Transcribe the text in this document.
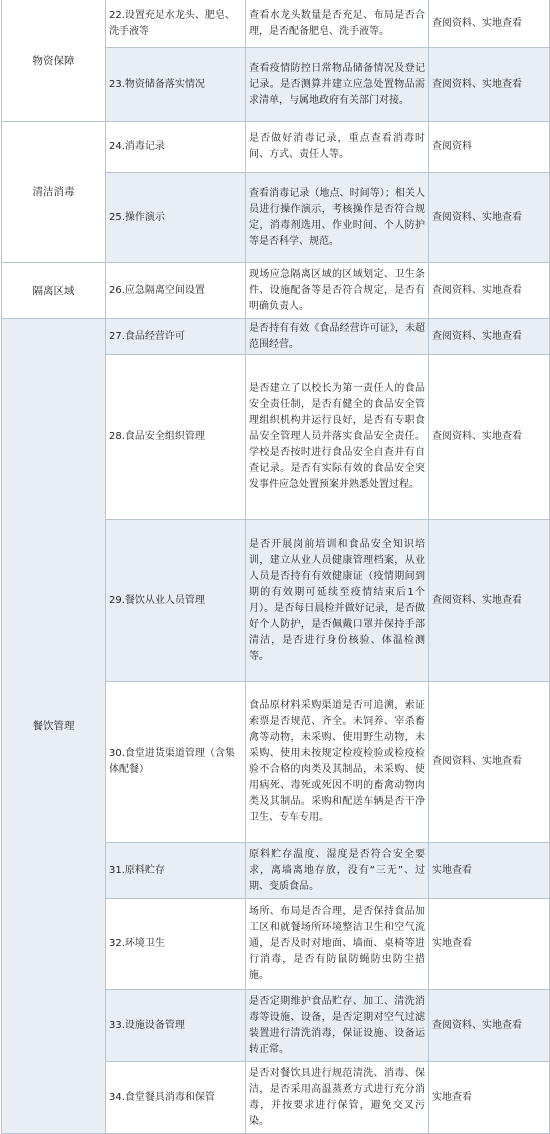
物资保障	22.设置充足水龙头、肥皂、洗手液等	查看水龙头数量是否充足、布局是否合理，是否配备肥皂、洗手液等。	查阅资料、实地查看
	23.物资储备落实情况	查看疫情防控日常物品储备情况及登记记录。是否测算并建立应急处置物品需求清单，与属地政府有关部门对接。	查阅资料、实地查看
清洁消毒	24.消毒记录	是否做好消毒记录，重点查看消毒时间、方式、责任人等。	查阅资料
	25.操作演示	查看消毒记录（地点、时间等）；相关人员进行操作演示，考核操作是否符合规定，消毒剂选用、作业时间、个人防护等是否科学、规范。	查阅资料、实地查看
隔离区域	26.应急隔离空间设置	现场应急隔离区域的区域划定、卫生条件、设施配备等是否符合规定，是否有明确负责人。	查阅资料、实地查看
餐饮管理	27.食品经营许可	是否持有有效《食品经营许可证》，未超范围经营。	查阅资料、实地查看
	28.食品安全组织管理	是否建立了以校长为第一责任人的食品安全责任制，是否有健全的食品安全管理组织机构并运行良好，是否有专职食品安全管理人员并落实食品安全责任。学校是否按时进行食品安全自查并有自查记录。是否有实际有效的食品安全突发事件应急处置预案并熟悉处置过程。	查阅资料、实地查看
	29.餐饮从业人员管理	是否开展岗前培训和食品安全知识培训，建立从业人员健康管理档案，从业人员是否持有有效健康证（疫情期间到期的有效期可延续至疫情结束后1个月）。是否每日晨检并做好记录，是否做好个人防护，是否佩戴口罩并保持手部清洁，是否进行身份核验、体温检测等。	查阅资料、实地查看
	30.食堂进货渠道管理（含集体配餐）	食品原材料采购渠道是否可追溯，索证索票是否规范、齐全。未饲养、宰杀畜禽等动物，未采购、使用野生动物，未采购、使用未按规定检疫检验或检疫检验不合格的肉类及其制品，未采购、使用病死、毒死或死因不明的畜禽动物肉类及其制品。采购和配送车辆是否干净卫生、专车专用。	查阅资料、实地查看
	31.原料贮存	原料贮存温度、湿度是否符合安全要求，离墙离地存放，没有“三无”、过期、变质食品。	实地查看
	32.环境卫生	场所、布局是否合理，是否保持食品加工区和就餐场所环境整洁卫生和空气流通，是否及时对地面、墙面、桌椅等进行消毒，是否有防鼠防蝇防虫防尘措施。	实地查看
	33.设施设备管理	是否定期维护食品贮存、加工、清洗消毒等设施、设备，是否定期对空气过滤装置进行清洗消毒，保证设施、设备运转正常。	查阅资料、实地查看
	34.食堂餐具消毒和保管	是否对餐饮具进行规范清洗、消毒、保洁，是否采用高温蒸煮方式进行充分消毒，并按要求进行保管，避免交叉污染。	实地查看
